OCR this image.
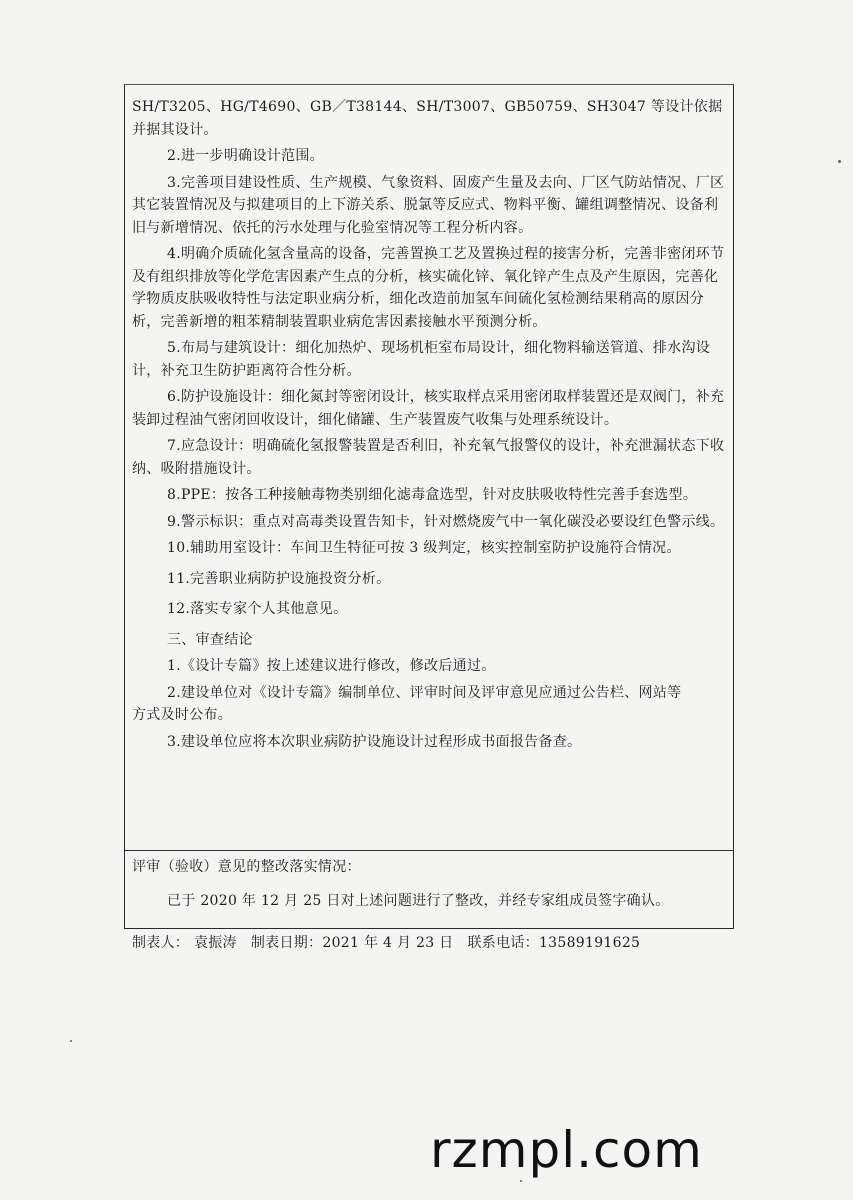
SH/T3205、HG/T4690、GB／T38144、SH/T3007、GB50759、SH3047 等设计依据并据其设计。

2.进一步明确设计范围。

3.完善项目建设性质、生产规模、气象资料、固废产生量及去向、厂区气防站情况、厂区其它装置情况及与拟建项目的上下游关系、脱氯等反应式、物料平衡、罐组调整情况、设备利旧与新增情况、依托的污水处理与化验室情况等工程分析内容。

4.明确介质硫化氢含量高的设备，完善置换工艺及置换过程的接害分析，完善非密闭环节及有组织排放等化学危害因素产生点的分析，核实硫化锌、氧化锌产生点及产生原因，完善化学物质皮肤吸收特性与法定职业病分析，细化改造前加氢车间硫化氢检测结果稍高的原因分析，完善新增的粗苯精制装置职业病危害因素接触水平预测分析。

5.布局与建筑设计：细化加热炉、现场机柜室布局设计，细化物料输送管道、排水沟设计，补充卫生防护距离符合性分析。

6.防护设施设计：细化氮封等密闭设计，核实取样点采用密闭取样装置还是双阀门，补充装卸过程油气密闭回收设计，细化储罐、生产装置废气收集与处理系统设计。

7.应急设计：明确硫化氢报警装置是否利旧，补充氧气报警仪的设计，补充泄漏状态下收纳、吸附措施设计。

8.PPE：按各工种接触毒物类别细化滤毒盒选型，针对皮肤吸收特性完善手套选型。

9.警示标识：重点对高毒类设置告知卡，针对燃烧废气中一氧化碳没必要设红色警示线。

10.辅助用室设计：车间卫生特征可按 3 级判定，核实控制室防护设施符合情况。

11.完善职业病防护设施投资分析。

12.落实专家个人其他意见。

三、审查结论

1.《设计专篇》按上述建议进行修改，修改后通过。

2.建设单位对《设计专篇》编制单位、评审时间及评审意见应通过公告栏、网站等

方式及时公布。

3.建设单位应将本次职业病防护设施设计过程形成书面报告备查。

评审（验收）意见的整改落实情况：

已于 2020 年 12 月 25 日对上述问题进行了整改，并经专家组成员签字确认。

制表人： 袁振涛 制表日期：2021 年 4 月 23 日 联系电话：13589191625
rzmpl.com
